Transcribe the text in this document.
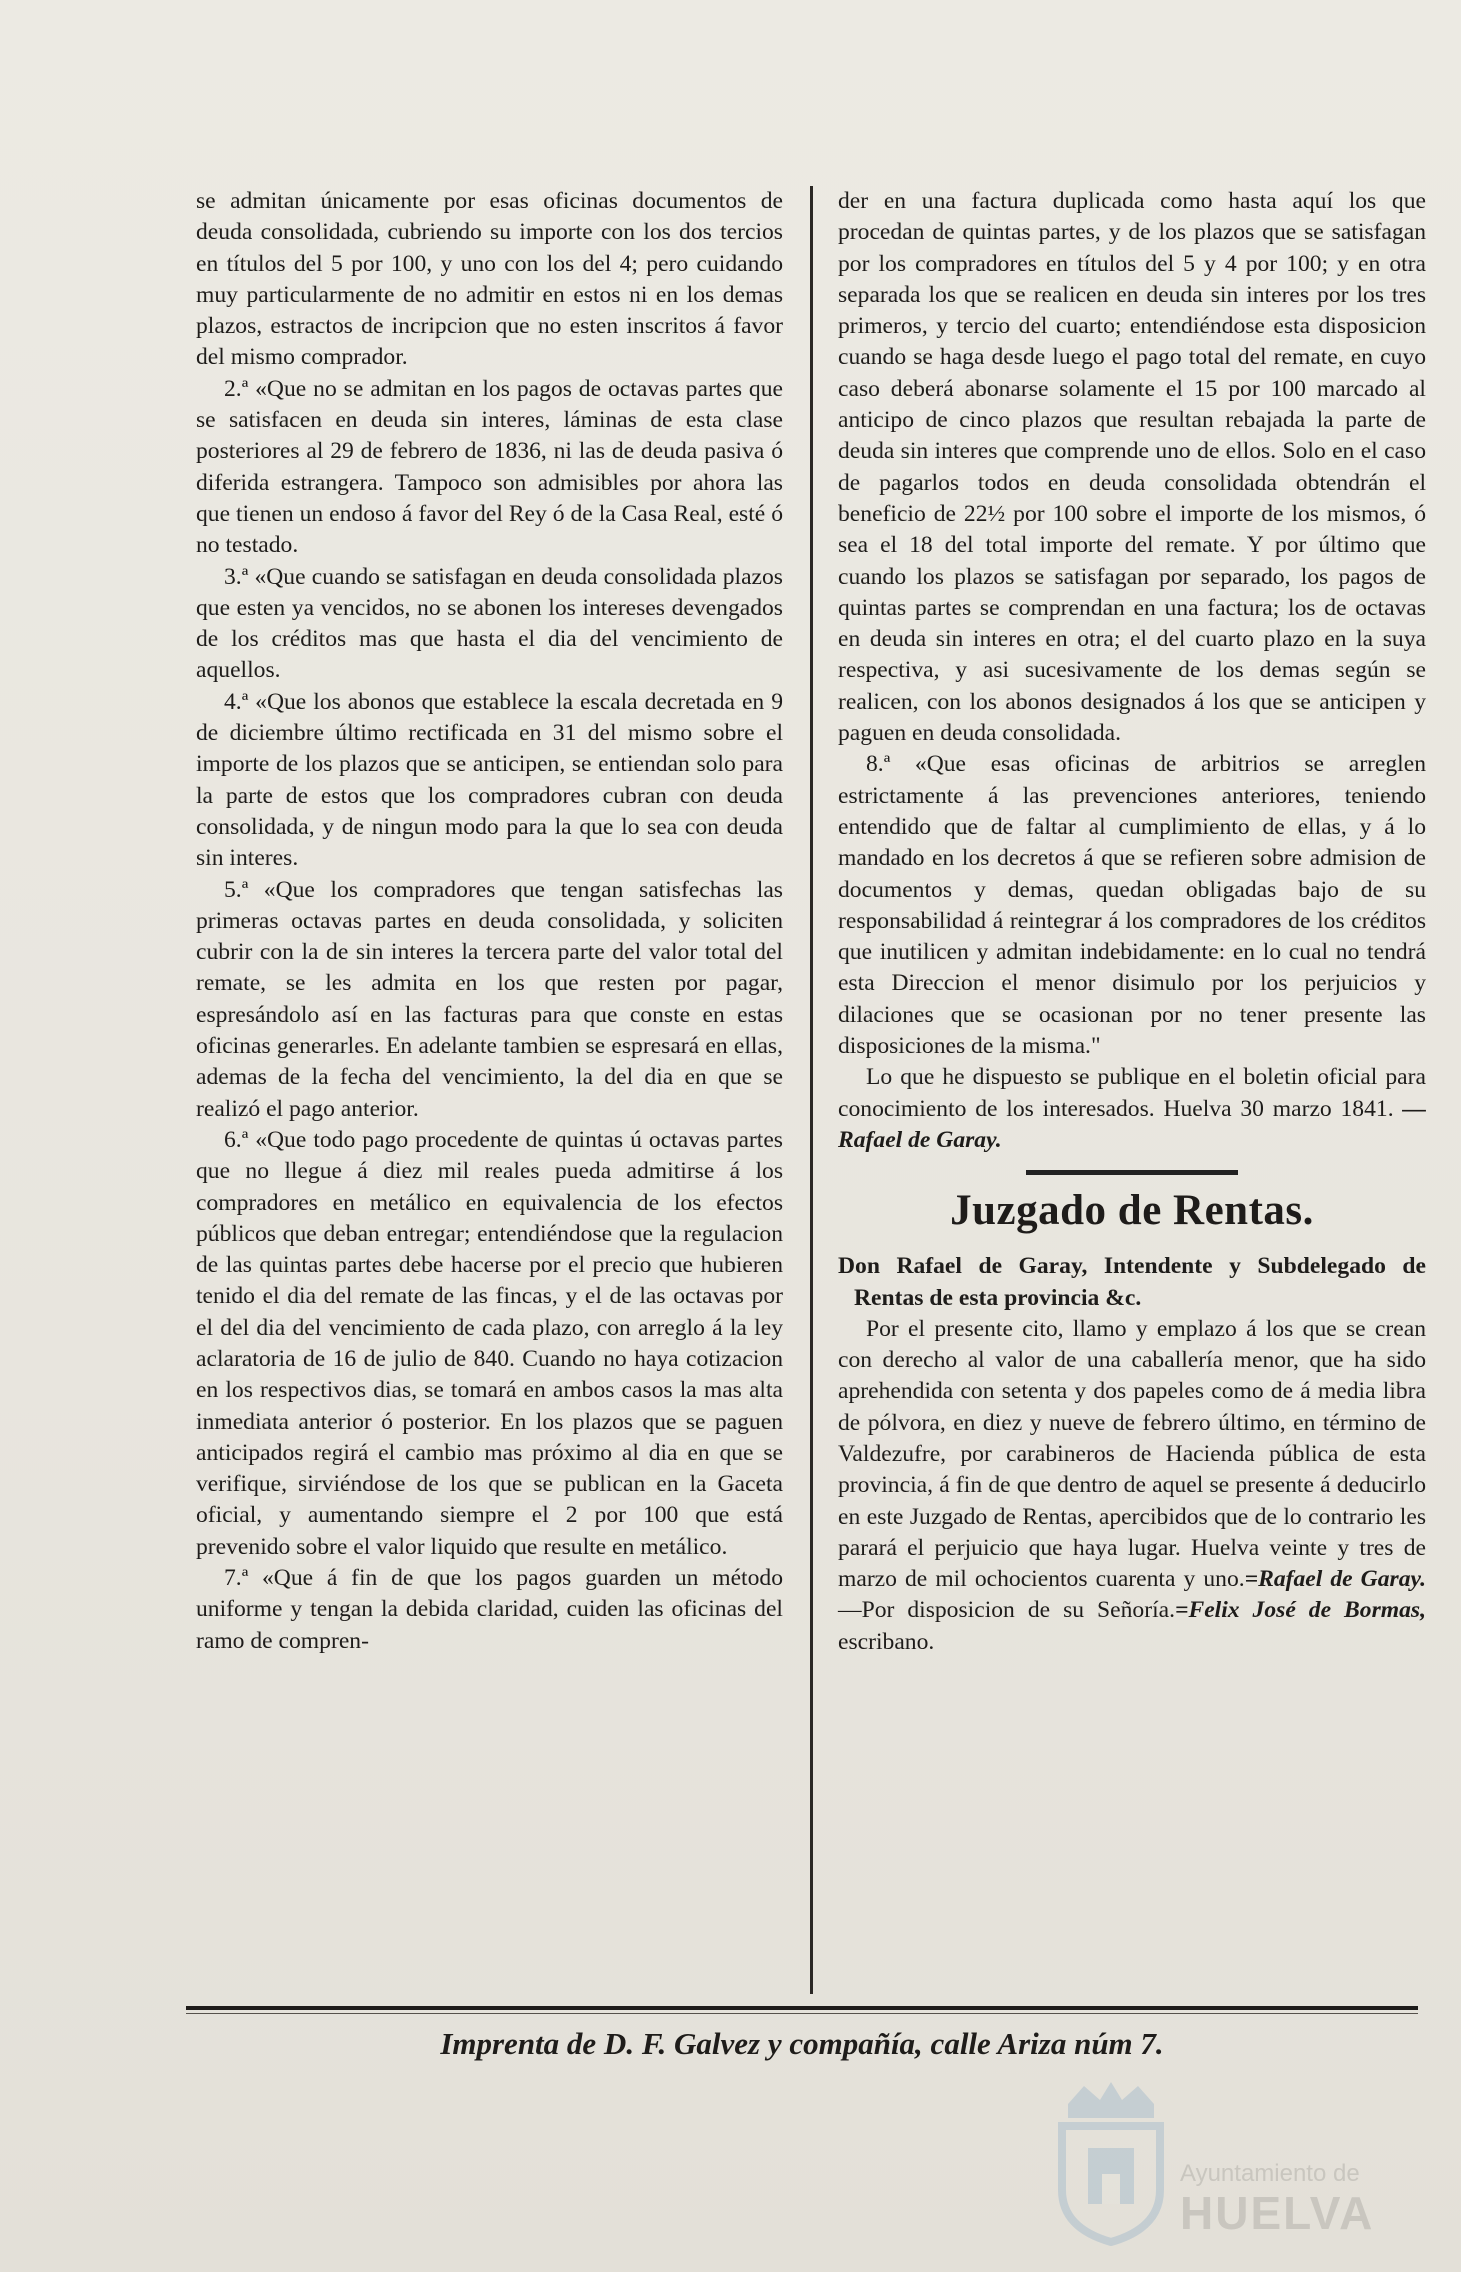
se admitan únicamente por esas oficinas documentos de deuda consolidada, cubriendo su importe con los dos tercios en títulos del 5 por 100, y uno con los del 4; pero cuidando muy particularmente de no admitir en estos ni en los demas plazos, estractos de incripcion que no esten inscritos á favor del mismo comprador.

2.ª «Que no se admitan en los pagos de octavas partes que se satisfacen en deuda sin interes, láminas de esta clase posteriores al 29 de febrero de 1836, ni las de deuda pasiva ó diferida estrangera. Tampoco son admisibles por ahora las que tienen un endoso á favor del Rey ó de la Casa Real, esté ó no testado.

3.ª «Que cuando se satisfagan en deuda consolidada plazos que esten ya vencidos, no se abonen los intereses devengados de los créditos mas que hasta el dia del vencimiento de aquellos.

4.ª «Que los abonos que establece la escala decretada en 9 de diciembre último rectificada en 31 del mismo sobre el importe de los plazos que se anticipen, se entiendan solo para la parte de estos que los compradores cubran con deuda consolidada, y de ningun modo para la que lo sea con deuda sin interes.

5.ª «Que los compradores que tengan satisfechas las primeras octavas partes en deuda consolidada, y soliciten cubrir con la de sin interes la tercera parte del valor total del remate, se les admita en los que resten por pagar, espresándolo así en las facturas para que conste en estas oficinas generarles. En adelante tambien se espresará en ellas, ademas de la fecha del vencimiento, la del dia en que se realizó el pago anterior.

6.ª «Que todo pago procedente de quintas ú octavas partes que no llegue á diez mil reales pueda admitirse á los compradores en metálico en equivalencia de los efectos públicos que deban entregar; entendiéndose que la regulacion de las quintas partes debe hacerse por el precio que hubieren tenido el dia del remate de las fincas, y el de las octavas por el del dia del vencimiento de cada plazo, con arreglo á la ley aclaratoria de 16 de julio de 840. Cuando no haya cotizacion en los respectivos dias, se tomará en ambos casos la mas alta inmediata anterior ó posterior. En los plazos que se paguen anticipados regirá el cambio mas próximo al dia en que se verifique, sirviéndose de los que se publican en la Gaceta oficial, y aumentando siempre el 2 por 100 que está prevenido sobre el valor liquido que resulte en metálico.

7.ª «Que á fin de que los pagos guarden un método uniforme y tengan la debida claridad, cuiden las oficinas del ramo de compren-

der en una factura duplicada como hasta aquí los que procedan de quintas partes, y de los plazos que se satisfagan por los compradores en títulos del 5 y 4 por 100; y en otra separada los que se realicen en deuda sin interes por los tres primeros, y tercio del cuarto; entendiéndose esta disposicion cuando se haga desde luego el pago total del remate, en cuyo caso deberá abonarse solamente el 15 por 100 marcado al anticipo de cinco plazos que resultan rebajada la parte de deuda sin interes que comprende uno de ellos. Solo en el caso de pagarlos todos en deuda consolidada obtendrán el beneficio de 22½ por 100 sobre el importe de los mismos, ó sea el 18 del total importe del remate. Y por último que cuando los plazos se satisfagan por separado, los pagos de quintas partes se comprendan en una factura; los de octavas en deuda sin interes en otra; el del cuarto plazo en la suya respectiva, y asi sucesivamente de los demas según se realicen, con los abonos designados á los que se anticipen y paguen en deuda consolidada.

8.ª «Que esas oficinas de arbitrios se arreglen estrictamente á las prevenciones anteriores, teniendo entendido que de faltar al cumplimiento de ellas, y á lo mandado en los decretos á que se refieren sobre admision de documentos y demas, quedan obligadas bajo de su responsabilidad á reintegrar á los compradores de los créditos que inutilicen y admitan indebidamente: en lo cual no tendrá esta Direccion el menor disimulo por los perjuicios y dilaciones que se ocasionan por no tener presente las disposiciones de la misma."

Lo que he dispuesto se publique en el boletin oficial para conocimiento de los interesados. Huelva 30 marzo 1841. —Rafael de Garay.

Juzgado de Rentas.

Don Rafael de Garay, Intendente y Subdelegado de Rentas de esta provincia &c.

Por el presente cito, llamo y emplazo á los que se crean con derecho al valor de una caballería menor, que ha sido aprehendida con setenta y dos papeles como de á media libra de pólvora, en diez y nueve de febrero último, en término de Valdezufre, por carabineros de Hacienda pública de esta provincia, á fin de que dentro de aquel se presente á deducirlo en este Juzgado de Rentas, apercibidos que de lo contrario les parará el perjuicio que haya lugar. Huelva veinte y tres de marzo de mil ochocientos cuarenta y uno.=Rafael de Garay.—Por disposicion de su Señoría.=Felix José de Bormas, escribano.

Imprenta de D. F. Galvez y compañía, calle Ariza núm 7.
Ayuntamiento de
HUELVA
